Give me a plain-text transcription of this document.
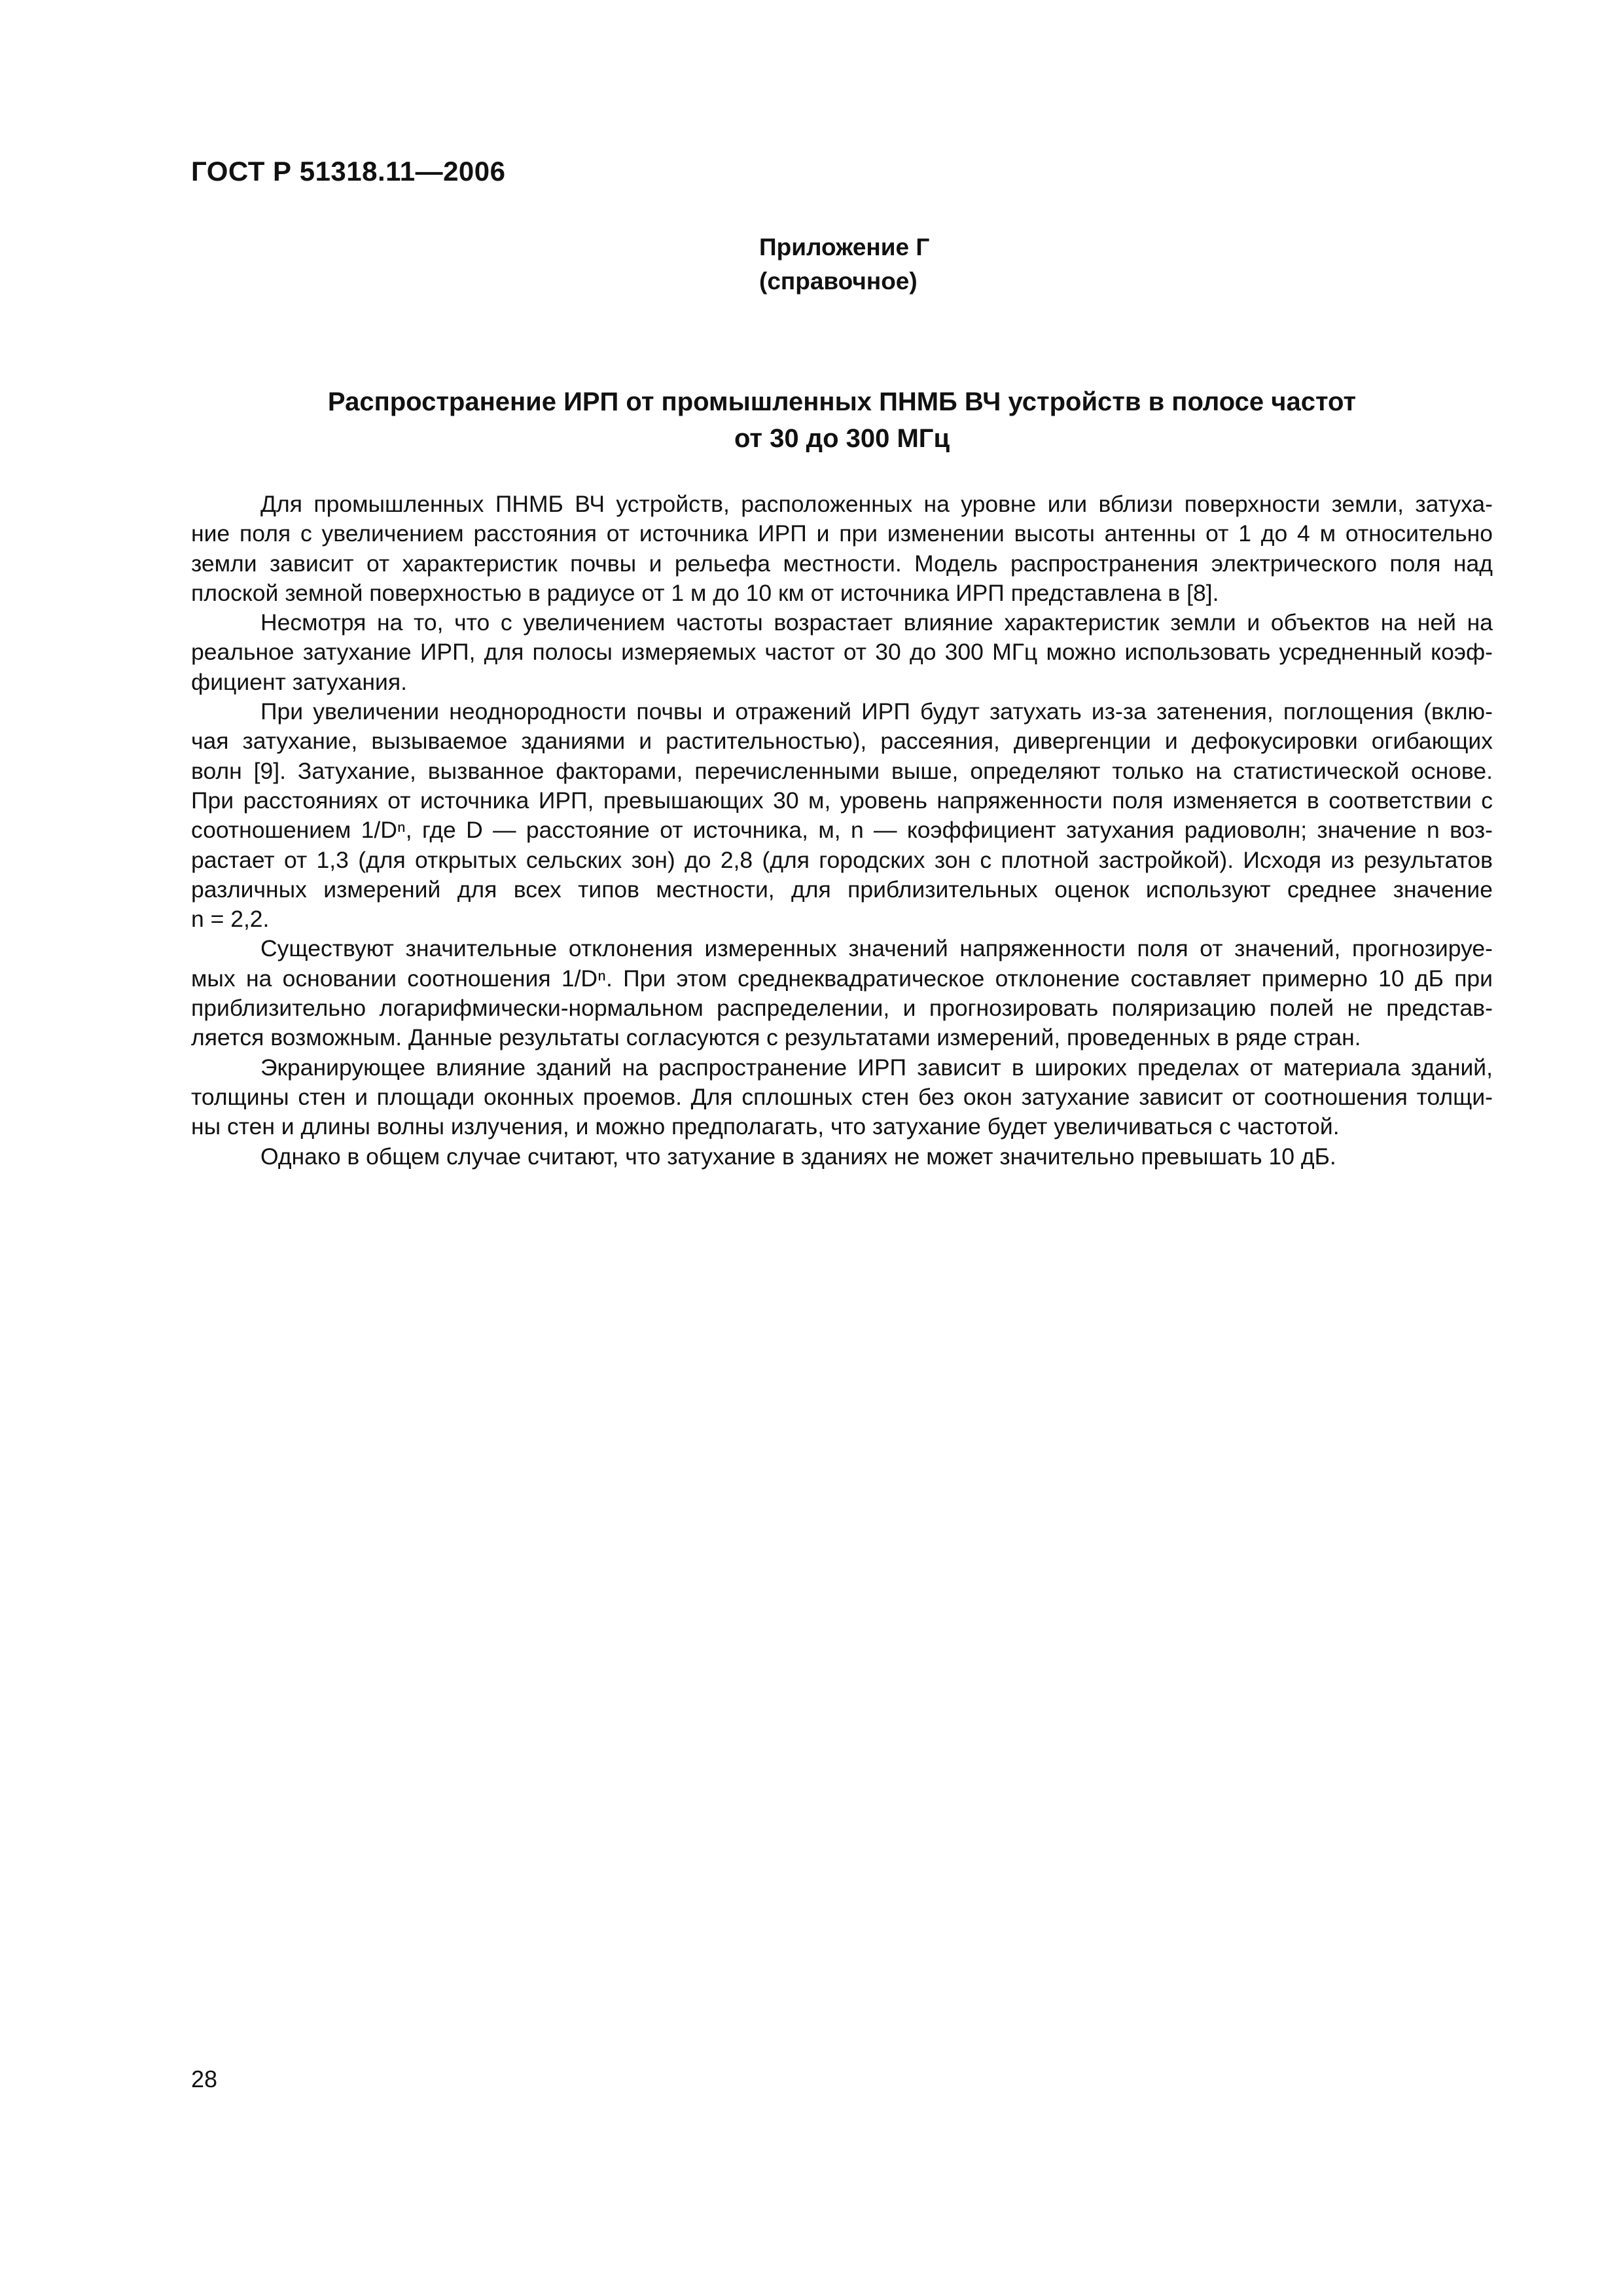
ГОСТ Р 51318.11—2006
Приложение Г
(справочное)
Распространение ИРП от промышленных ПНМБ ВЧ устройств в полосе частот
от 30 до 300 МГц
Для промышленных ПНМБ ВЧ устройств, расположенных на уровне или вблизи поверхности земли, затуха-
ние поля с увеличением расстояния от источника ИРП и при изменении высоты антенны от 1 до 4 м относительно
земли зависит от характеристик почвы и рельефа местности. Модель распространения электрического поля над
плоской земной поверхностью в радиусе от 1 м до 10 км от источника ИРП представлена в [8].
Несмотря на то, что с увеличением частоты возрастает влияние характеристик земли и объектов на ней на
реальное затухание ИРП, для полосы измеряемых частот от 30 до 300 МГц можно использовать усредненный коэф-
фициент затухания.
При увеличении неоднородности почвы и отражений ИРП будут затухать из-за затенения, поглощения (вклю-
чая затухание, вызываемое зданиями и растительностью), рассеяния, дивергенции и дефокусировки огибающих
волн [9]. Затухание, вызванное факторами, перечисленными выше, определяют только на статистической основе.
При расстояниях от источника ИРП, превышающих 30 м, уровень напряженности поля изменяется в соответствии с
соотношением 1/Dⁿ, где D — расстояние от источника, м, n — коэффициент затухания радиоволн; значение n воз-
растает от 1,3 (для открытых сельских зон) до 2,8 (для городских зон с плотной застройкой). Исходя из результатов
различных измерений для всех типов местности, для приблизительных оценок используют среднее значение
n = 2,2.
Существуют значительные отклонения измеренных значений напряженности поля от значений, прогнозируе-
мых на основании соотношения 1/Dⁿ. При этом среднеквадратическое отклонение составляет примерно 10 дБ при
приблизительно логарифмически-нормальном распределении, и прогнозировать поляризацию полей не представ-
ляется возможным. Данные результаты согласуются с результатами измерений, проведенных в ряде стран.
Экранирующее влияние зданий на распространение ИРП зависит в широких пределах от материала зданий,
толщины стен и площади оконных проемов. Для сплошных стен без окон затухание зависит от соотношения толщи-
ны стен и длины волны излучения, и можно предполагать, что затухание будет увеличиваться с частотой.
Однако в общем случае считают, что затухание в зданиях не может значительно превышать 10 дБ.
28
